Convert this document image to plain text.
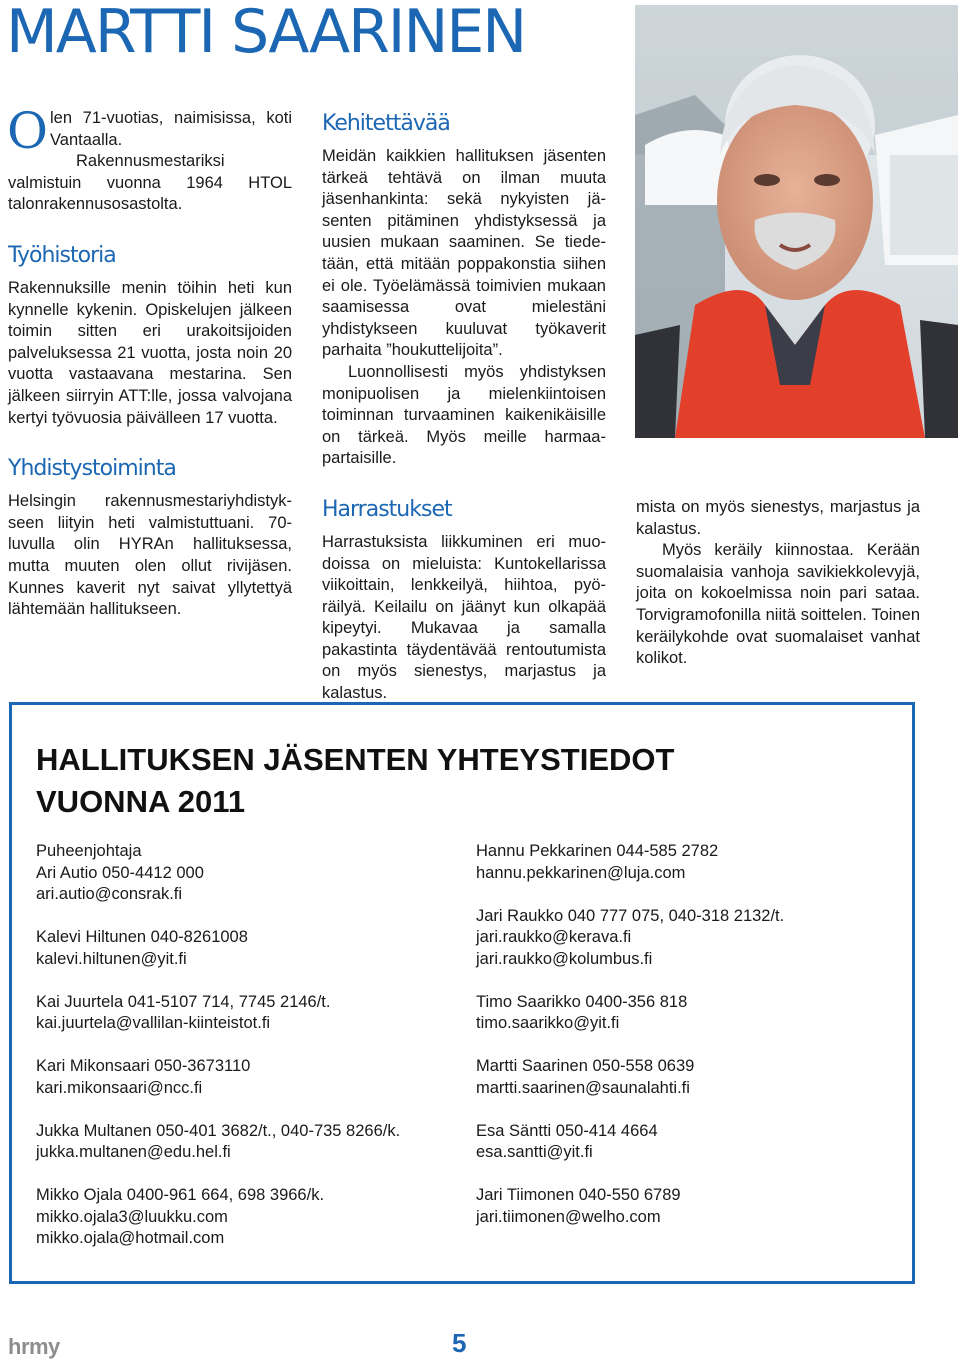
MARTTI SAARINEN

Olen 71-vuotias, naimisissa, koti Vantaalla.

Rakennusmestariksi valmistuin vuonna 1964 HTOL talonrakennusosastolta.

Työhistoria

Rakennuksille menin töihin heti kun kynnelle kykenin. Opiskelujen jälkeen toimin sitten eri urakoitsijoiden palveluksessa 21 vuotta, josta noin 20 vuotta vastaavana mestarina. Sen jälkeen siirryin ATT:lle, jossa valvojana kertyi työvuosia päivälleen 17 vuotta.

Yhdistystoiminta

Helsingin rakennusmestariyhdistykseen liityin heti valmistuttuani. 70-luvulla olin HYRAn hallituksessa, mutta muuten olen ollut rivijäsen. Kunnes kaverit nyt saivat yllytettyä lähtemään hallitukseen.

Kehitettävää

Meidän kaikkien hallituksen jäsenten tärkeä tehtävä on ilman muuta jäsenhankinta: sekä nykyisten jäsenten pitäminen yhdistyksessä ja uusien mukaan saaminen. Se tiedetään, että mitään poppakonstia siihen ei ole. Työelämässä toimivien mukaan saamisessa ovat mielestäni yhdistykseen kuuluvat työkaverit parhaita ”houkuttelijoita”.

Luonnollisesti myös yhdistyksen monipuolisen ja mielenkiintoisen toiminnan turvaaminen kaikenikäisille on tärkeä. Myös meille harmaapartaisille.

Harrastukset

Harrastuksista liikkuminen eri muodoissa on mieluista: Kuntokellarissa viikoittain, lenkkeilyä, hiihtoa, pyöräilyä. Keilailu on jäänyt kun olkapää kipeytyi. Mukavaa ja samalla pakastinta täydentävää rentoutumista on myös sienestys, marjastus ja kalastus.

mista on myös sienestys, marjastus ja kalastus.

Myös keräily kiinnostaa. Kerään suomalaisia vanhoja savikiekkolevyjä, joita on kokoelmissa noin pari sataa. Torvigramofonilla niitä soittelen. Toinen keräilykohde ovat suomalaiset vanhat kolikot.

HALLITUKSEN JÄSENTEN YHTEYSTIEDOT
VUONNA 2011
Puheenjohtaja
Ari Autio 050-4412 000
ari.autio@consrak.fi
Kalevi Hiltunen 040-8261008
kalevi.hiltunen@yit.fi
Kai Juurtela 041-5107 714, 7745 2146/t.
kai.juurtela@vallilan-kiinteistot.fi
Kari Mikonsaari 050-3673110
kari.mikonsaari@ncc.fi
Jukka Multanen 050-401 3682/t., 040-735 8266/k.
jukka.multanen@edu.hel.fi
Mikko Ojala 0400-961 664, 698 3966/k.
mikko.ojala3@luukku.com
mikko.ojala@hotmail.com
Hannu Pekkarinen 044-585 2782
hannu.pekkarinen@luja.com
Jari Raukko 040 777 075, 040-318 2132/t.
jari.raukko@kerava.fi
jari.raukko@kolumbus.fi
Timo Saarikko 0400-356 818
timo.saarikko@yit.fi
Martti Saarinen 050-558 0639
martti.saarinen@saunalahti.fi
Esa Säntti 050-414 4664
esa.santti@yit.fi
Jari Tiimonen 040-550 6789
jari.tiimonen@welho.com
hrmy	5
